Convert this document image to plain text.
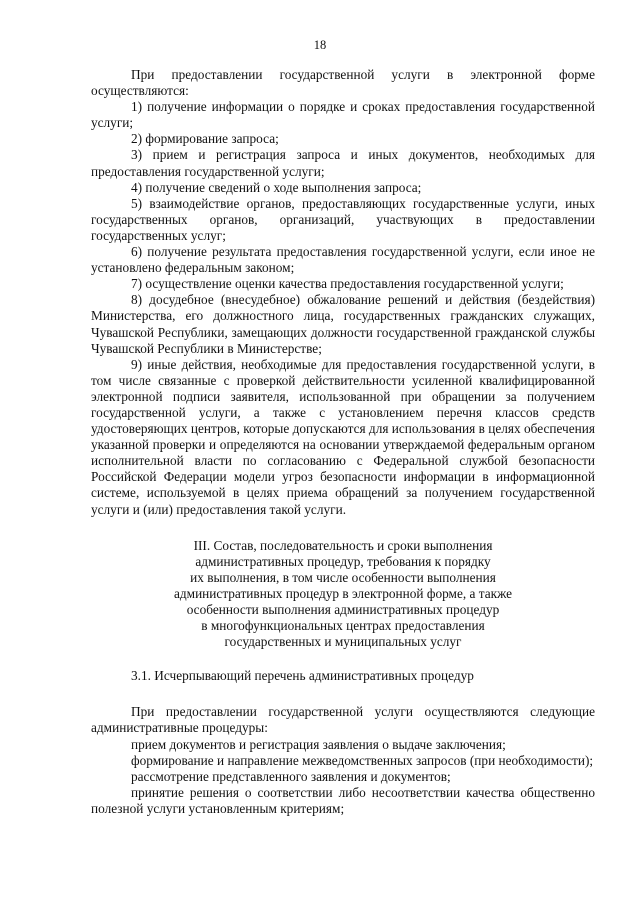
18

При предоставлении государственной услуги в электронной форме осуществляются:

1) получение информации о порядке и сроках предоставления государственной услуги;

2) формирование запроса;

3) прием и регистрация запроса и иных документов, необходимых для предоставления государственной услуги;

4) получение сведений о ходе выполнения запроса;

5) взаимодействие органов, предоставляющих государственные услуги, иных государственных органов, организаций, участвующих в предоставлении государственных услуг;

6) получение результата предоставления государственной услуги, если иное не установлено федеральным законом;

7) осуществление оценки качества предоставления государственной услуги;

8) досудебное (внесудебное) обжалование решений и действия (бездействия) Министерства, его должностного лица, государственных гражданских служащих, Чувашской Республики, замещающих должности государственной гражданской службы Чувашской Республики в Министерстве;

9) иные действия, необходимые для предоставления государственной услуги, в том числе связанные с проверкой действительности усиленной квалифицированной электронной подписи заявителя, использованной при обращении за получением государственной услуги, а также с установлением перечня классов средств удостоверяющих центров, которые допускаются для использования в целях обеспечения указанной проверки и определяются на основании утверждаемой федеральным органом исполнительной власти по согласованию с Федеральной службой безопасности Российской Федерации модели угроз безопасности информации в информационной системе, используемой в целях приема обращений за получением государственной услуги и (или) предоставления такой услуги.

III. Состав, последовательность и сроки выполнения
административных процедур, требования к порядку
их выполнения, в том числе особенности выполнения
административных процедур в электронной форме, а также
особенности выполнения административных процедур
в многофункциональных центрах предоставления
государственных и муниципальных услуг

3.1. Исчерпывающий перечень административных процедур

При предоставлении государственной услуги осуществляются следующие административные процедуры:

прием документов и регистрация заявления о выдаче заключения;

формирование и направление межведомственных запросов (при необходимости);

рассмотрение представленного заявления и документов;

принятие решения о соответствии либо несоответствии качества общественно полезной услуги установленным критериям;
